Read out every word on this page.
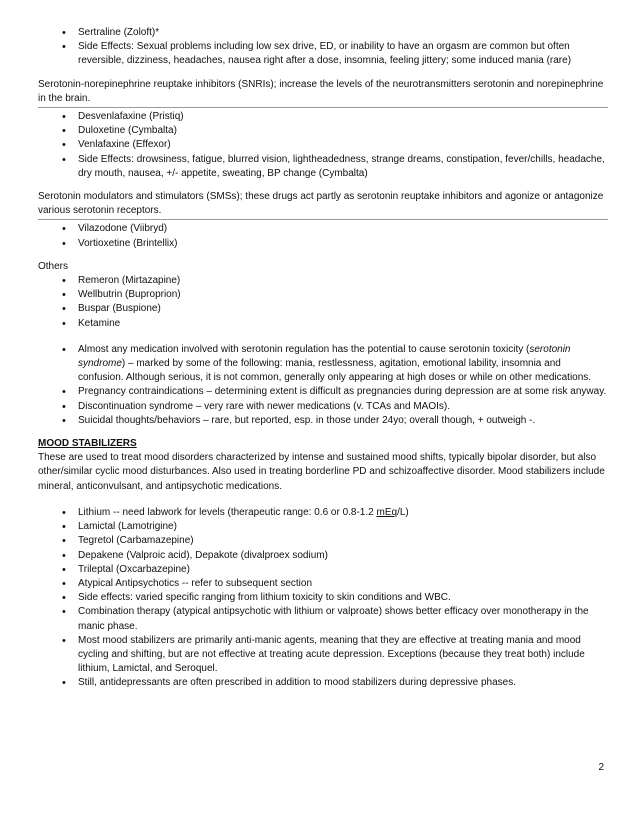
• Sertraline (Zoloft)*
• Side Effects: Sexual problems including low sex drive, ED, or inability to have an orgasm are common but often reversible, dizziness, headaches, nausea right after a dose, insomnia, feeling jittery; some induced mania (rare)

Serotonin-norepinephrine reuptake inhibitors (SNRIs); increase the levels of the neurotransmitters serotonin and norepinephrine in the brain.

• Desvenlafaxine (Pristiq)
• Duloxetine (Cymbalta)
• Venlafaxine (Effexor)
• Side Effects: drowsiness, fatigue, blurred vision, lightheadedness, strange dreams, constipation, fever/chills, headache, dry mouth, nausea, +/- appetite, sweating, BP change (Cymbalta)

Serotonin modulators and stimulators (SMSs); these drugs act partly as serotonin reuptake inhibitors and agonize or antagonize various serotonin receptors.

• Vilazodone (Viibryd)
• Vortioxetine (Brintellix)

Others

• Remeron (Mirtazapine)
• Wellbutrin (Buproprion)
• Buspar (Buspione)
• Ketamine
• Almost any medication involved with serotonin regulation has the potential to cause serotonin toxicity (serotonin syndrome) – marked by some of the following: mania, restlessness, agitation, emotional lability, insomnia and confusion. Although serious, it is not common, generally only appearing at high doses or while on other medications.
• Pregnancy contraindications – determining extent is difficult as pregnancies during depression are at some risk anyway.
• Discontinuation syndrome – very rare with newer medications (v. TCAs and MAOIs).
• Suicidal thoughts/behaviors – rare, but reported, esp. in those under 24yo; overall though, + outweigh -.

MOOD STABILIZERS

These are used to treat mood disorders characterized by intense and sustained mood shifts, typically bipolar disorder, but also other/similar cyclic mood disturbances. Also used in treating borderline PD and schizoaffective disorder. Mood stabilizers include mineral, anticonvulsant, and antipsychotic medications.

• Lithium -- need labwork for levels (therapeutic range: 0.6 or 0.8-1.2 mEq/L)
• Lamictal (Lamotrigine)
• Tegretol (Carbamazepine)
• Depakene (Valproic acid), Depakote (divalproex sodium)
• Trileptal (Oxcarbazepine)
• Atypical Antipsychotics -- refer to subsequent section
• Side effects: varied specific ranging from lithium toxicity to skin conditions and WBC.
• Combination therapy (atypical antipsychotic with lithium or valproate) shows better efficacy over monotherapy in the manic phase.
• Most mood stabilizers are primarily anti-manic agents, meaning that they are effective at treating mania and mood cycling and shifting, but are not effective at treating acute depression. Exceptions (because they treat both) include lithium, Lamictal, and Seroquel.
• Still, antidepressants are often prescribed in addition to mood stabilizers during depressive phases.
2
